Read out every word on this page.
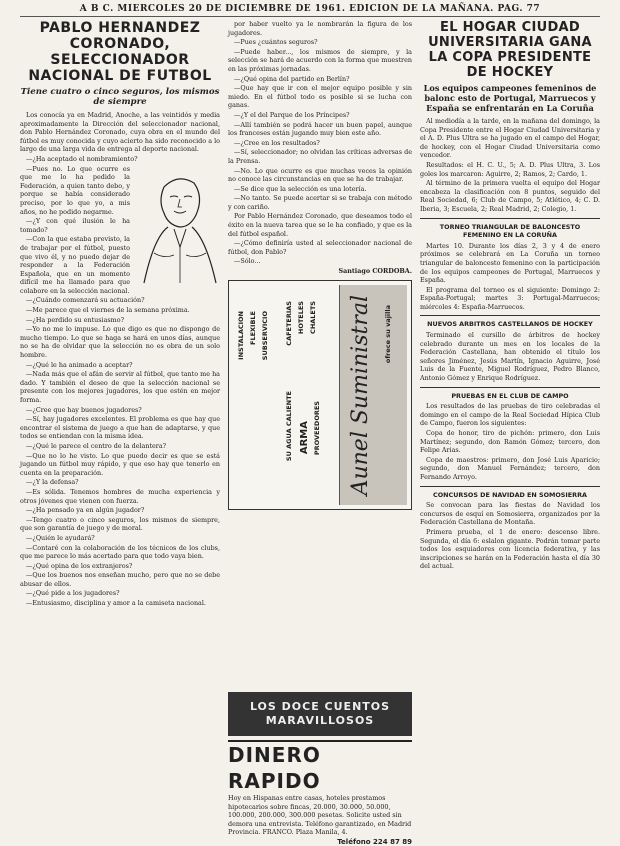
A B C. MIERCOLES 20 DE DICIEMBRE DE 1961. EDICION DE LA MAÑANA. PAG. 77
PABLO HERNANDEZ CORONADO, SELECCIONADOR NACIONAL DE FUTBOL
Tiene cuatro o cinco seguros, los mismos de siempre

Los conocía ya en Madrid, Anoche, a las veintidós y media aproximadamente la Dirección del seleccionador nacional, don Pablo Hernández Coronado, cuya obra en el mundo del fútbol es muy conocida y cuyo acierto ha sido reconocido a lo largo de una larga vida de entrega al deporte nacional.

—¿Ha aceptado el nombramiento?

—Pues no. Lo que ocurre es que me lo ha pedido la Federación, a quien tanto debo, y porque se había considerado preciso, por lo que yo, a mis años, no he podido negarme.

—¿Y con qué ilusión le ha tomado?

—Con la que estaba previsto, la de trabajar por el fútbol, puesto que vivo él, y no puedo dejar de responder a la Federación Española, que en un momento difícil me ha llamado para que colabore en la selección nacional.

—¿Cuándo comenzará su actuación?

—Me parece que el viernes de la semana próxima.

—¿Ha perdido su entusiasmo?

—Yo no me lo impuse. Lo que digo es que no dispongo de mucho tiempo. Lo que se haga se hará en unos días, aunque no se ha de olvidar que la selección no es obra de un solo hombre.

—¿Qué le ha animado a aceptar?

—Nada más que el afán de servir al fútbol, que tanto me ha dado. Y también el deseo de que la selección nacional se presente con los mejores jugadores, los que estén en mejor forma.

—¿Cree que hay buenos jugadores?

—Sí, hay jugadores excelentes. El problema es que hay que encontrar el sistema de juego a que han de adaptarse, y que todos se entiendan con la misma idea.

—¿Qué le parece el centro de la delantera?

—Que no lo he visto. Lo que puedo decir es que se está jugando un fútbol muy rápido, y que eso hay que tenerlo en cuenta en la preparación.

—¿Y la defensa?

—Es sólida. Tenemos hombres de mucha experiencia y otros jóvenes que vienen con fuerza.

—¿Ha pensado ya en algún jugador?

—Tengo cuatro o cinco seguros, los mismos de siempre, que son garantía de juego y de moral.

—¿Quién le ayudará?

—Contaré con la colaboración de los técnicos de los clubs, que me parece lo más acertado para que todo vaya bien.

—¿Qué opina de los extranjeros?

—Que los buenos nos enseñan mucho, pero que no se debe abusar de ellos.

—¿Qué pide a los jugadores?

—Entusiasmo, disciplina y amor a la camiseta nacional.

por haber vuelto ya le nombrarán la figura de los jugadores.

—Pues ¿cuántos seguros?

—Puede haber..., los mismos de siempre, y la selección se hará de acuerdo con la forma que muestren en las próximas jornadas.

—¿Qué opina del partido en Berlín?

—Que hay que ir con el mejor equipo posible y sin miedo. En el fútbol todo es posible si se lucha con ganas.

—¿Y el del Parque de los Príncipes?

—Allí también se podrá hacer un buen papel, aunque los franceses están jugando muy bien este año.

—¿Cree en los resultados?

—Sí, seleccionador; no olvidan las críticas adversas de la Prensa.

—No. Lo que ocurre es que muchas veces la opinión no conoce las circunstancias en que se ha de trabajar.

—Se dice que la selección es una lotería.

—No tanto. Se puede acertar si se trabaja con método y con cariño.

Por Pablo Hernández Coronado, que deseamos todo el éxito en la nueva tarea que se le ha confiado, y que es la del fútbol español.

—¿Cómo definiría usted al seleccionador nacional de fútbol, don Pablo?

—Sólo...

Santiago CORDOBA.
INSTALACION FLEXIBLE SUBSERVICIO CAFETERIAS HOTELES CHALETS
SU AGUA CALIENTE ARMA PROVEEDORES Aunel Suministral ofrece su vajilla
LOS DOCE CUENTOS
MARAVILLOSOS
DINERO RAPIDO
Hoy en Hispanas entre casas, hoteles prestamos hipotecarios sobre fincas, 20.000, 30.000, 50.000, 100.000, 200.000, 300.000 pesetas. Solicite usted sin demora una entrevista. Teléfono garantizado, en Madrid Provincia. FRANCO. Plaza Manila, 4.
Teléfono 224 87 89
EL HOGAR CIUDAD UNIVERSITARIA GANA LA COPA PRESIDENTE DE HOCKEY
Los equipos campeones femeninos de balonc esto de Portugal, Marruecos y España se enfrentarán en La Coruña

Al mediodía a la tarde, en la mañana del domingo, la Copa Presidente entre el Hogar Ciudad Universitaria y el A. D. Plus Ultra se ha jugado en el campo del Hogar, de hockey, con el Hogar Ciudad Universitaria como vencedor.

Resultados: el H. C. U., 5; A. D. Plus Ultra, 3. Los goles los marcaron: Aguirre, 2; Ramos, 2; Cardo, 1.

Al término de la primera vuelta el equipo del Hogar encabeza la clasificación con 8 puntos, seguido del Real Sociedad, 6; Club de Campo, 5; Atlético, 4; C. D. Iberia, 3; Escuela, 2; Real Madrid, 2; Colegio, 1.

TORNEO TRIANGULAR DE BALONCESTO FEMENINO EN LA CORUÑA

Martes 10. Durante los días 2, 3 y 4 de enero próximos se celebrará en La Coruña un torneo triangular de baloncesto femenino con la participación de los equipos campeones de Portugal, Marruecos y España.

El programa del torneo es el siguiente: Domingo 2: España-Portugal; martes 3: Portugal-Marruecos; miércoles 4: España-Marruecos.

NUEVOS ARBITROS CASTELLANOS DE HOCKEY

Terminado el cursillo de árbitros de hockey celebrado durante un mes en los locales de la Federación Castellana, han obtenido el título los señores Jiménez, Jesús Martín, Ignacio Aguirre, José Luis de la Fuente, Miguel Rodríguez, Pedro Blanco, Antonio Gómez y Enrique Rodríguez.

PRUEBAS EN EL CLUB DE CAMPO

Los resultados de las pruebas de tiro celebradas el domingo en el campo de la Real Sociedad Hípica Club de Campo, fueron los siguientes:

Copa de honor, tiro de pichón: primero, don Luis Martínez; segundo, don Ramón Gómez; tercero, don Felipe Arias.

Copa de maestros: primero, don José Luis Aparicio; segundo, don Manuel Fernández; tercero, don Fernando Arroyo.

CONCURSOS DE NAVIDAD EN SOMOSIERRA

Se convocan para las fiestas de Navidad los concursos de esquí en Somosierra, organizados por la Federación Castellana de Montaña.

Primera prueba, el 1 de enero: descenso libre. Segunda, el día 6: eslalon gigante. Podrán tomar parte todos los esquiadores con licencia federativa, y las inscripciones se harán en la Federación hasta el día 30 del actual.
